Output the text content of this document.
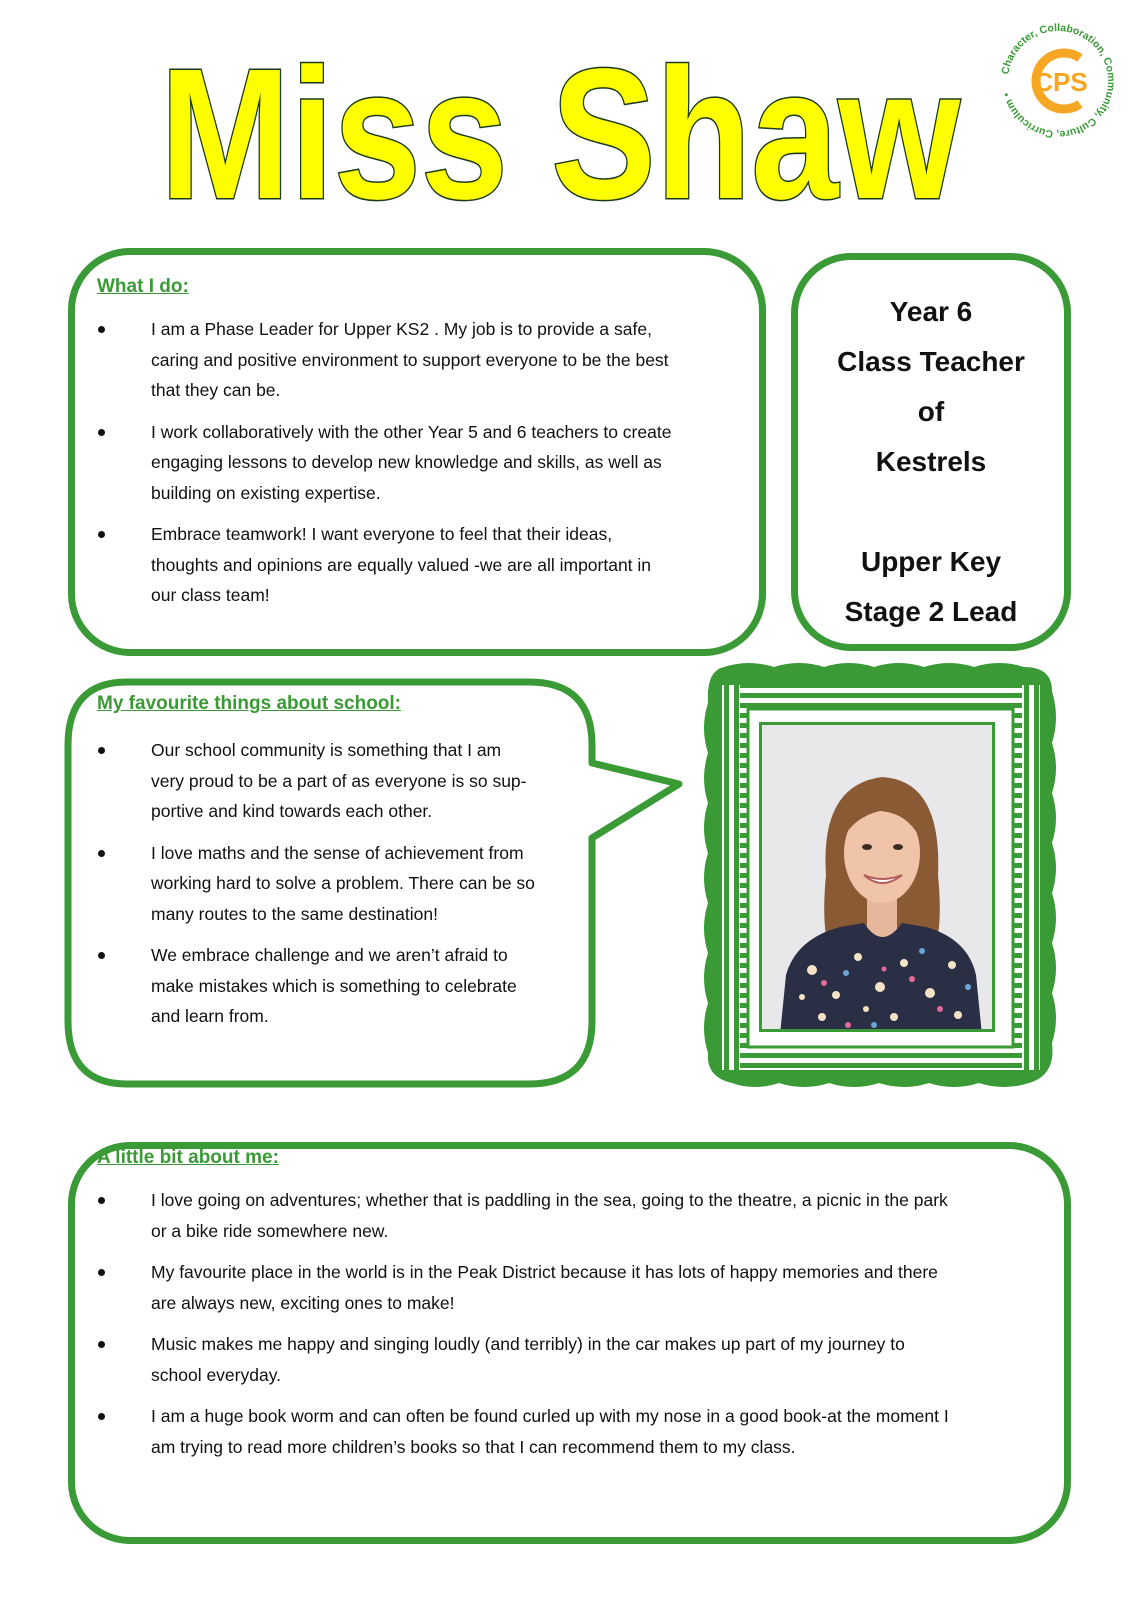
Miss Shaw	Character, Collaboration, Community, Culture, Curriculum • CPS
What I do:
I am a Phase Leader for Upper KS2 . My job is to provide a safe,
caring and positive environment to support everyone to be the best
that they can be.
I work collaboratively with the other Year 5 and 6 teachers to create
engaging lessons to develop new knowledge and skills, as well as
building on existing expertise.
Embrace teamwork! I want everyone to feel that their ideas,
thoughts and opinions are equally valued -we are all important in
our class team!
Year 6
Class Teacher
of
Kestrels
Upper Key
Stage 2 Lead
My favourite things about school:
Our school community is something that I am
very proud to be a part of as everyone is so sup-
portive and kind towards each other.
I love maths and the sense of achievement from
working hard to solve a problem. There can be so
many routes to the same destination!
We embrace challenge and we aren’t afraid to
make mistakes which is something to celebrate
and learn from.
A little bit about me:
I love going on adventures; whether that is paddling in the sea, going to the theatre, a picnic in the park
or a bike ride somewhere new.
My favourite place in the world is in the Peak District because it has lots of happy memories and there
are always new, exciting ones to make!
Music makes me happy and singing loudly (and terribly) in the car makes up part of my journey to
school everyday.
I am a huge book worm and can often be found curled up with my nose in a good book-at the moment I
am trying to read more children’s books so that I can recommend them to my class.
